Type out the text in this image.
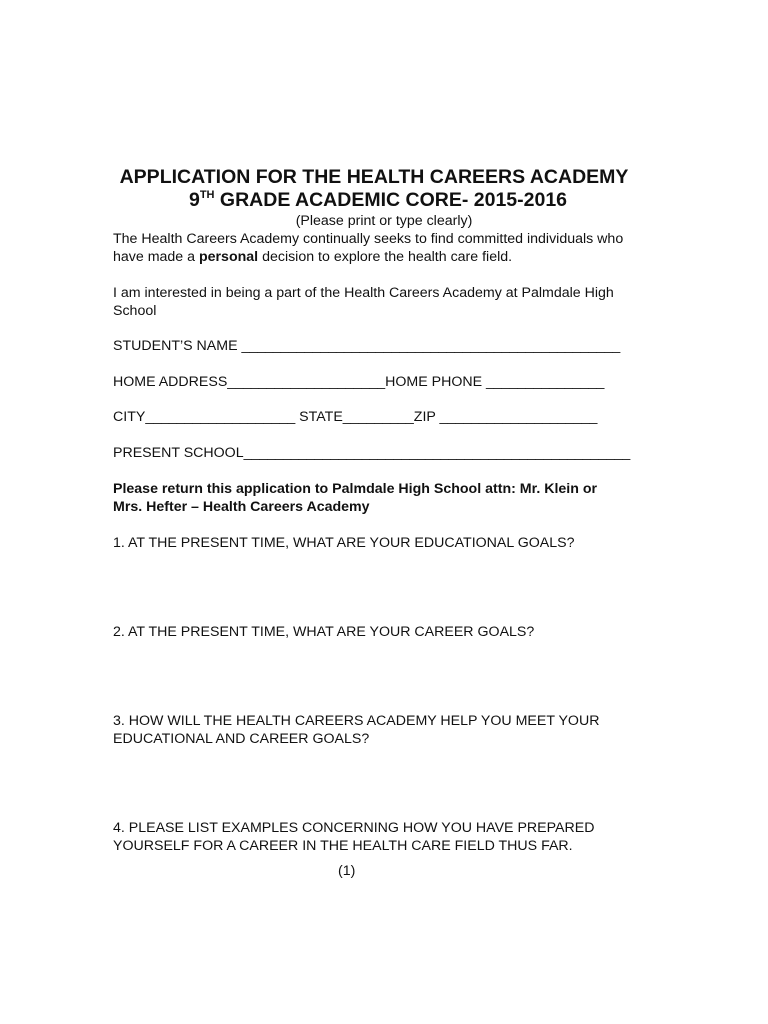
APPLICATION FOR THE HEALTH CAREERS ACADEMY
9TH GRADE ACADEMIC CORE- 2015-2016
(Please print or type clearly)
The Health Careers Academy continually seeks to find committed individuals who
have made a personal decision to explore the health care field.
I am interested in being a part of the Health Careers Academy at Palmdale High
School
STUDENT’S NAME ________________________________________________
HOME ADDRESS____________________HOME PHONE _______________
CITY___________________ STATE_________ZIP ____________________
PRESENT SCHOOL_________________________________________________
Please return this application to Palmdale High School attn: Mr. Klein or
Mrs. Hefter – Health Careers Academy
1. AT THE PRESENT TIME, WHAT ARE YOUR EDUCATIONAL GOALS?
2. AT THE PRESENT TIME, WHAT ARE YOUR CAREER GOALS?
3. HOW WILL THE HEALTH CAREERS ACADEMY HELP YOU MEET YOUR
EDUCATIONAL AND CAREER GOALS?
4. PLEASE LIST EXAMPLES CONCERNING HOW YOU HAVE PREPARED
YOURSELF FOR A CAREER IN THE HEALTH CARE FIELD THUS FAR.
(1)
